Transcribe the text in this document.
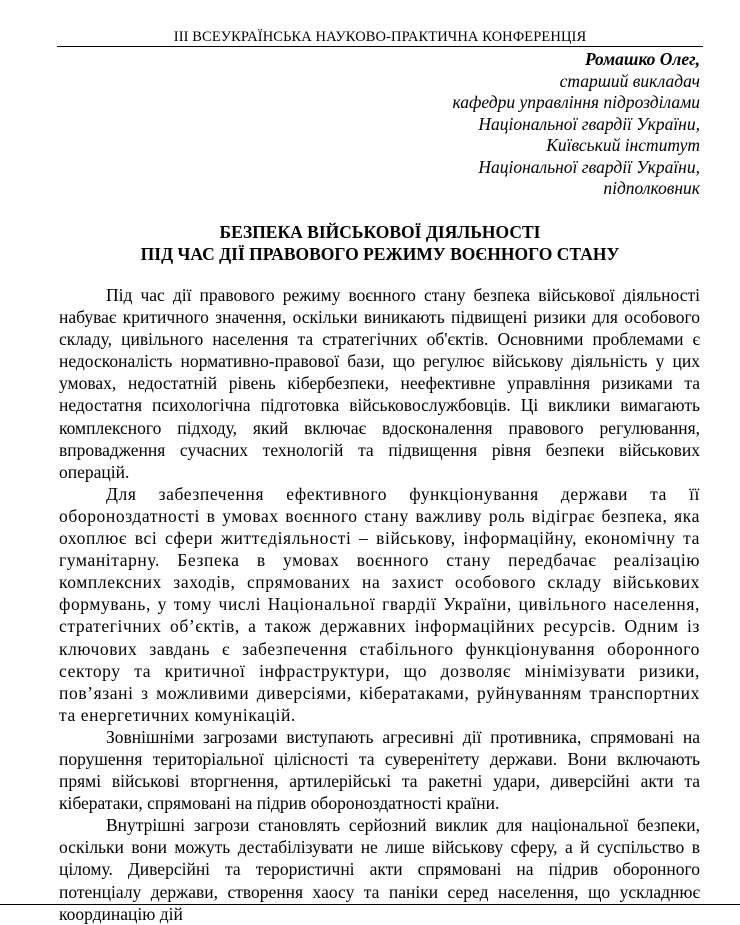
III ВСЕУКРАЇНСЬКА НАУКОВО-ПРАКТИЧНА КОНФЕРЕНЦІЯ
Ромашко Олег,
старший викладач
кафедри управління підрозділами
Національної гвардії України,
Київський інститут
Національної гвардії України,
підполковник
БЕЗПЕКА ВІЙСЬКОВОЇ ДІЯЛЬНОСТІ
ПІД ЧАС ДІЇ ПРАВОВОГО РЕЖИМУ ВОЄННОГО СТАНУ

Під час дії правового режиму воєнного стану безпека військової діяльності набуває критичного значення, оскільки виникають підвищені ризики для особового складу, цивільного населення та стратегічних об'єктів. Основними проблемами є недосконалість нормативно-правової бази, що регулює військову діяльність у цих умовах, недостатній рівень кібербезпеки, неефективне управління ризиками та недостатня психологічна підготовка військовослужбовців. Ці виклики вимагають комплексного підходу, який включає вдосконалення правового регулювання, впровадження сучасних технологій та підвищення рівня безпеки військових операцій.

Для забезпечення ефективного функціонування держави та її обороноздатності в умовах воєнного стану важливу роль відіграє безпека, яка охоплює всі сфери життєдіяльності – військову, інформаційну, економічну та гуманітарну. Безпека в умовах воєнного стану передбачає реалізацію комплексних заходів, спрямованих на захист особового складу військових формувань, у тому числі Національної гвардії України, цивільного населення, стратегічних об’єктів, а також державних інформаційних ресурсів. Одним із ключових завдань є забезпечення стабільного функціонування оборонного сектору та критичної інфраструктури, що дозволяє мінімізувати ризики, пов’язані з можливими диверсіями, кібератаками, руйнуванням транспортних та енергетичних комунікацій.

Зовнішніми загрозами виступають агресивні дії противника, спрямовані на порушення територіальної цілісності та суверенітету держави. Вони включають прямі військові вторгнення, артилерійські та ракетні удари, диверсійні акти та кібератаки, спрямовані на підрив обороноздатності країни.

Внутрішні загрози становлять серйозний виклик для національної безпеки, оскільки вони можуть дестабілізувати не лише військову сферу, а й суспільство в цілому. Диверсійні та терористичні акти спрямовані на підрив оборонного потенціалу держави, створення хаосу та паніки серед населення, що ускладнює координацію дій
